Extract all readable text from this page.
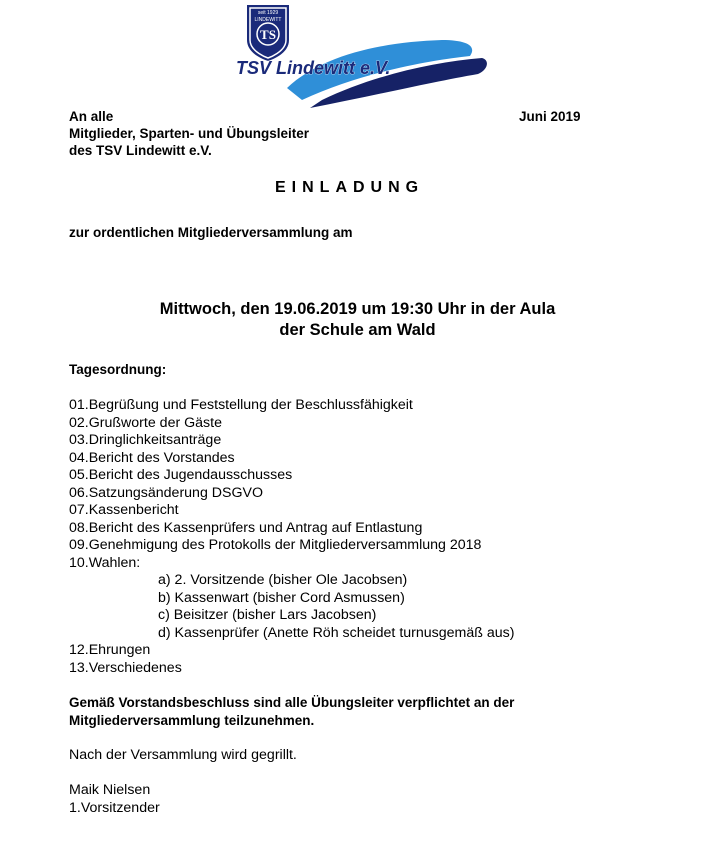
seit 1929
LINDEWITT
TS
TSV Lindewitt e.V.
An alle	Juni 2019
Mitglieder, Sparten- und Übungsleiter
des TSV Lindewitt e.V.
EINLADUNG
zur ordentlichen Mitgliederversammlung am
Mittwoch, den 19.06.2019 um 19:30 Uhr in der Aula
der Schule am Wald
Tagesordnung:
01.Begrüßung und Feststellung der Beschlussfähigkeit
02.Grußworte der Gäste
03.Dringlichkeitsanträge
04.Bericht des Vorstandes
05.Bericht des Jugendausschusses
06.Satzungsänderung DSGVO
07.Kassenbericht
08.Bericht des Kassenprüfers und Antrag auf Entlastung
09.Genehmigung des Protokolls der Mitgliederversammlung 2018
10.Wahlen:
a) 2. Vorsitzende (bisher Ole Jacobsen)
b) Kassenwart (bisher Cord Asmussen)
c) Beisitzer (bisher Lars Jacobsen)
d) Kassenprüfer (Anette Röh scheidet turnusgemäß aus)
12.Ehrungen
13.Verschiedenes
Gemäß Vorstandsbeschluss sind alle Übungsleiter verpflichtet an der
Mitgliederversammlung teilzunehmen.
Nach der Versammlung wird gegrillt.
Maik Nielsen
1.Vorsitzender
